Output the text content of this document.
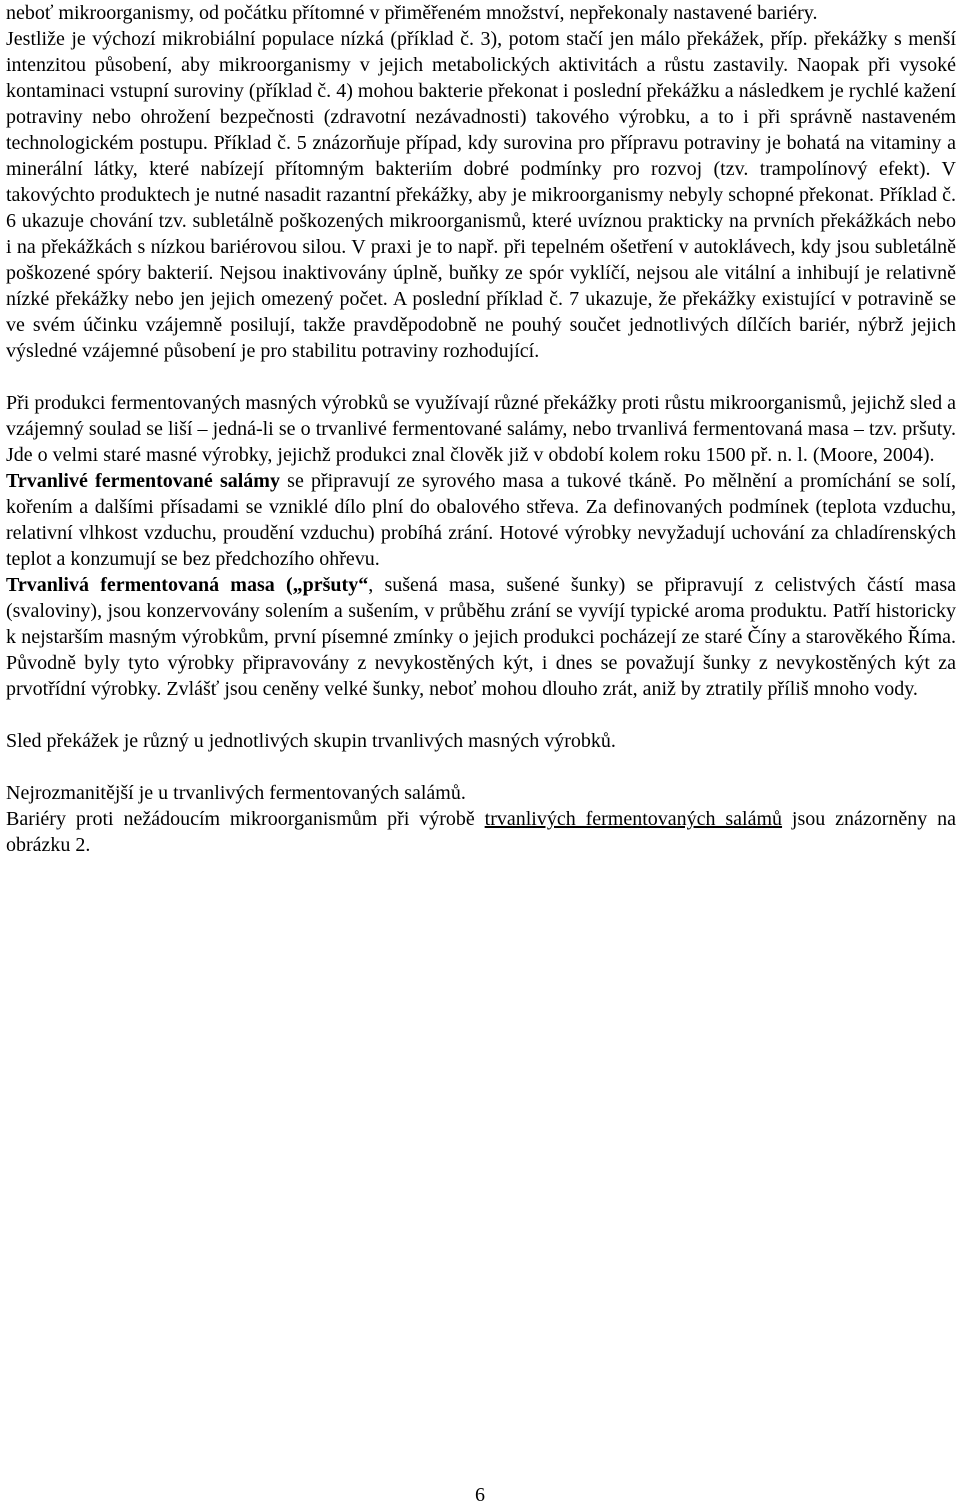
neboť mikroorganismy, od počátku přítomné v přiměřeném množství, nepřekonaly nastavené bariéry.

Jestliže je výchozí mikrobiální populace nízká (příklad č. 3), potom stačí jen málo překážek, příp. překážky s menší intenzitou působení, aby mikroorganismy v jejich metabolických aktivitách a růstu zastavily. Naopak při vysoké kontaminaci vstupní suroviny (příklad č. 4) mohou bakterie překonat i poslední překážku a následkem je rychlé kažení potraviny nebo ohrožení bezpečnosti (zdravotní nezávadnosti) takového výrobku, a to i při správně nastaveném technologickém postupu. Příklad č. 5 znázorňuje případ, kdy surovina pro přípravu potraviny je bohatá na vitaminy a minerální látky, které nabízejí přítomným bakteriím dobré podmínky pro rozvoj (tzv. trampolínový efekt). V takovýchto produktech je nutné nasadit razantní překážky, aby je mikroorganismy nebyly schopné překonat. Příklad č. 6 ukazuje chování tzv. subletálně poškozených mikroorganismů, které uvíznou prakticky na prvních překážkách nebo i na překážkách s nízkou bariérovou silou. V praxi je to např. při tepelném ošetření v autoklávech, kdy jsou subletálně poškozené spóry bakterií. Nejsou inaktivovány úplně, buňky ze spór vyklíčí, nejsou ale vitální a inhibují je relativně nízké překážky nebo jen jejich omezený počet. A poslední příklad č. 7 ukazuje, že překážky existující v potravině se ve svém účinku vzájemně posilují, takže pravděpodobně ne pouhý součet jednotlivých dílčích bariér, nýbrž jejich výsledné vzájemné působení je pro stabilitu potraviny rozhodující.

Při produkci fermentovaných masných výrobků se využívají různé překážky proti růstu mikroorganismů, jejichž sled a vzájemný soulad se liší – jedná-li se o trvanlivé fermentované salámy, nebo trvanlivá fermentovaná masa – tzv. pršuty. Jde o velmi staré masné výrobky, jejichž produkci znal člověk již v období kolem roku 1500 př. n. l. (Moore, 2004).

Trvanlivé fermentované salámy se připravují ze syrového masa a tukové tkáně. Po mělnění a promíchání se solí, kořením a dalšími přísadami se vzniklé dílo plní do obalového střeva. Za definovaných podmínek (teplota vzduchu, relativní vlhkost vzduchu, proudění vzduchu) probíhá zrání. Hotové výrobky nevyžadují uchování za chladírenských teplot a konzumují se bez předchozího ohřevu.

Trvanlivá fermentovaná masa („pršuty“, sušená masa, sušené šunky) se připravují z celistvých částí masa (svaloviny), jsou konzervovány solením a sušením, v průběhu zrání se vyvíjí typické aroma produktu. Patří historicky k nejstarším masným výrobkům, první písemné zmínky o jejich produkci pocházejí ze staré Číny a starověkého Říma. Původně byly tyto výrobky připravovány z nevykostěných kýt, i dnes se považují šunky z nevykostěných kýt za prvotřídní výrobky. Zvlášť jsou ceněny velké šunky, neboť mohou dlouho zrát, aniž by ztratily příliš mnoho vody.

Sled překážek je různý u jednotlivých skupin trvanlivých masných výrobků.

Nejrozmanitější je u trvanlivých fermentovaných salámů.

Bariéry proti nežádoucím mikroorganismům při výrobě trvanlivých fermentovaných salámů jsou znázorněny na obrázku 2.

6
